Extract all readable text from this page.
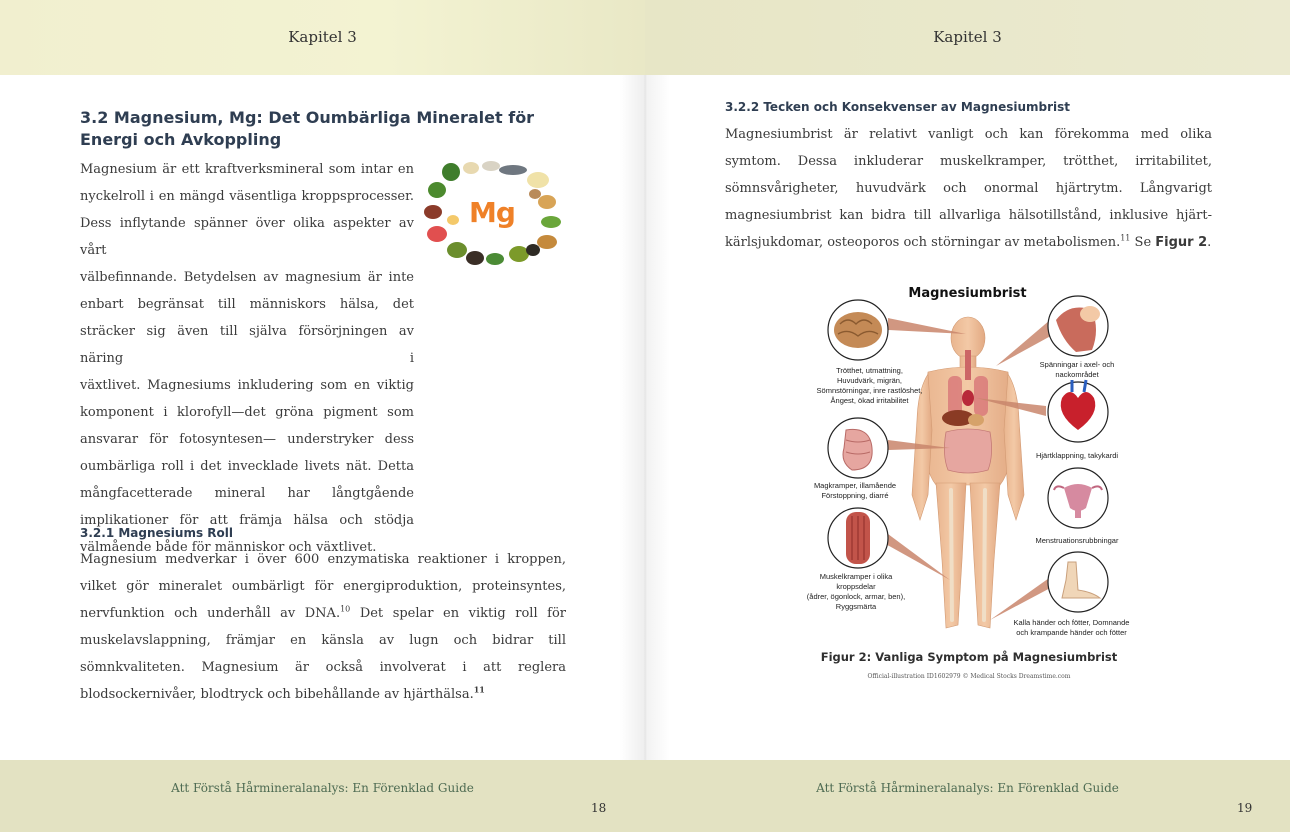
Kapitel 3
3.2 Magnesium, Mg: Det Oumbärliga Mineralet för Energi och Avkoppling
Magnesium är ett kraftverksmineral som intar en
nyckelroll i en mängd väsentliga kroppsprocesser.
Dess inflytande spänner över olika aspekter av vårt
välbefinnande. Betydelsen av magnesium är inte
enbart begränsat till människors hälsa, det
sträcker sig även till själva försörjningen av näring i
växtlivet. Magnesiums inkludering som en viktig
komponent i klorofyll—det gröna pigment som
ansvarar för fotosyntesen— understryker dess
oumbärliga roll i det invecklade livets nät. Detta
mångfacetterade mineral har långtgående
implikationer för att främja hälsa och stödja
välmående både för människor och växtlivet.
Mg
3.2.1 Magnesiums Roll
Magnesium medverkar i över 600 enzymatiska reaktioner i kroppen, vilket gör mineralet oumbärligt för energiproduktion, proteinsyntes, nervfunktion och underhåll av DNA.$^{10}$ Det spelar en viktig roll för muskelavslappning, främjar en känsla av lugn och bidrar till sömnkvaliteten. Magnesium är också involverat i att reglera blodsockernivåer, blodtryck och bibehållande av hjärthälsa.$^{11}$
Att Förstå Hårmineralanalys: En Förenklad Guide
18
Kapitel 3
3.2.2 Tecken och Konsekvenser av Magnesiumbrist
Magnesiumbrist är relativt vanligt och kan förekomma med olika symtom. Dessa inkluderar muskelkramper, trötthet, irritabilitet, sömnsvårigheter, huvudvärk och onormal hjärtrytm. Långvarigt magnesiumbrist kan bidra till allvarliga hälsotillstånd, inklusive hjärt-kärlsjukdomar, osteoporos och störningar av metabolismen.$^{11}$ Se Figur 2.
Att Förstå Hårmineralanalys: En Förenklad Guide
19
Trötthet, utmattning,
Huvudvärk, migrän,
Sömnstörningar, inre rastlöshet,
Ångest, ökad irritabilitet
Magkramper, illamående
Förstoppning, diarré
Muskelkramper i olika kroppsdelar
(ådrer, ögonlock, armar, ben),
Ryggsmärta
Spänningar i axel- och
nackområdet
Hjärtklappning, takykardi
Menstruationsrubbningar
Kalla händer och fötter, Domnande
och krampande händer och fötter
Magnesiumbrist
Figur 2: Vanliga Symptom på Magnesiumbrist
Official-illustration ID1602979 © Medical Stocks Dreamstime.com
